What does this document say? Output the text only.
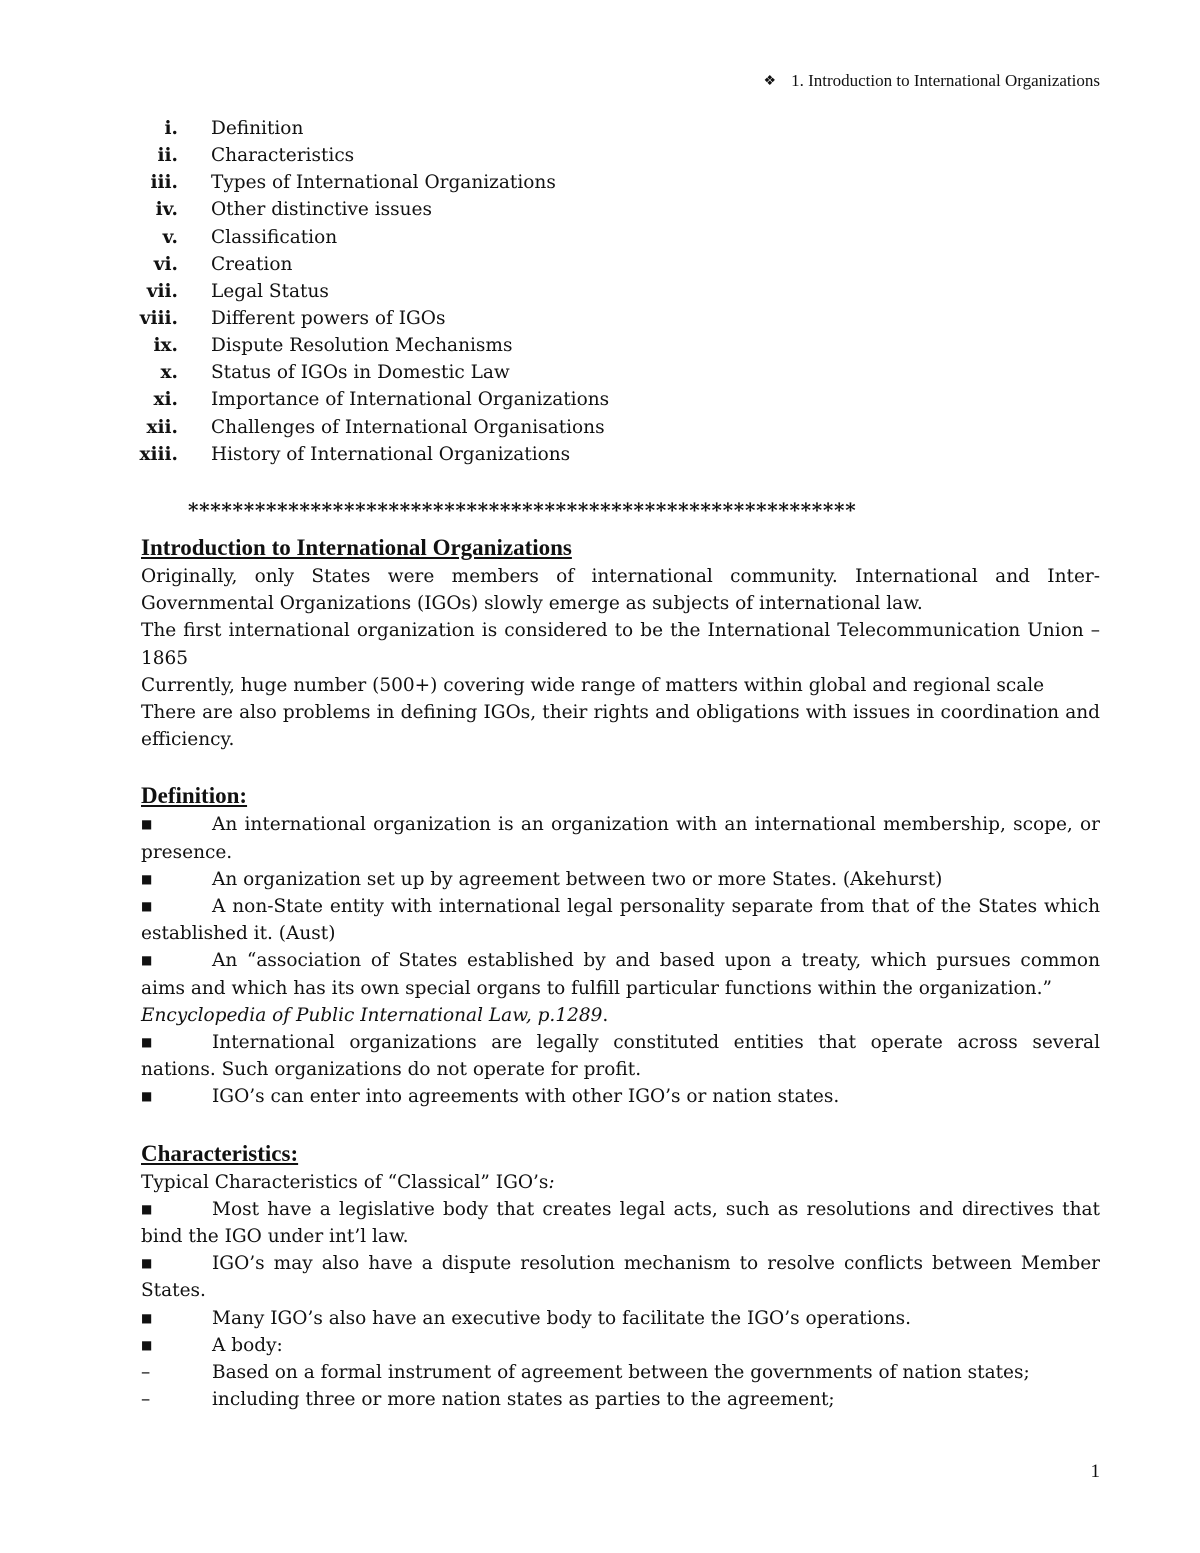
❖ 1. Introduction to International Organizations
i. Definition
ii. Characteristics
iii. Types of International Organizations
iv. Other distinctive issues
v. Classification
vi. Creation
vii. Legal Status
viii. Different powers of IGOs
ix. Dispute Resolution Mechanisms
x. Status of IGOs in Domestic Law
xi. Importance of International Organizations
xii. Challenges of International Organisations
xiii. History of International Organizations
************************************************************
Introduction to International Organizations

Originally, only States were members of international community. International and Inter-Governmental Organizations (IGOs) slowly emerge as subjects of international law.

The first international organization is considered to be the International Telecommunication Union – 1865

Currently, huge number (500+) covering wide range of matters within global and regional scale

There are also problems in defining IGOs, their rights and obligations with issues in coordination and efficiency.

Definition:

■	An international organization is an organization with an international membership, scope, or presence.

■	An organization set up by agreement between two or more States. (Akehurst)

■	A non-State entity with international legal personality separate from that of the States which established it. (Aust)

■	An “association of States established by and based upon a treaty, which pursues common aims and which has its own special organs to fulfill particular functions within the organization.”

Encyclopedia of Public International Law, p.1289.

■	International organizations are legally constituted entities that operate across several nations. Such organizations do not operate for profit.

■	IGO’s can enter into agreements with other IGO’s or nation states.

Characteristics:

Typical Characteristics of “Classical” IGO’s:

■	Most have a legislative body that creates legal acts, such as resolutions and directives that bind the IGO under int’l law.

■	IGO’s may also have a dispute resolution mechanism to resolve conflicts between Member States.

■	Many IGO’s also have an executive body to facilitate the IGO’s operations.

■	A body:

–	Based on a formal instrument of agreement between the governments of nation states;

–	including three or more nation states as parties to the agreement;

1
